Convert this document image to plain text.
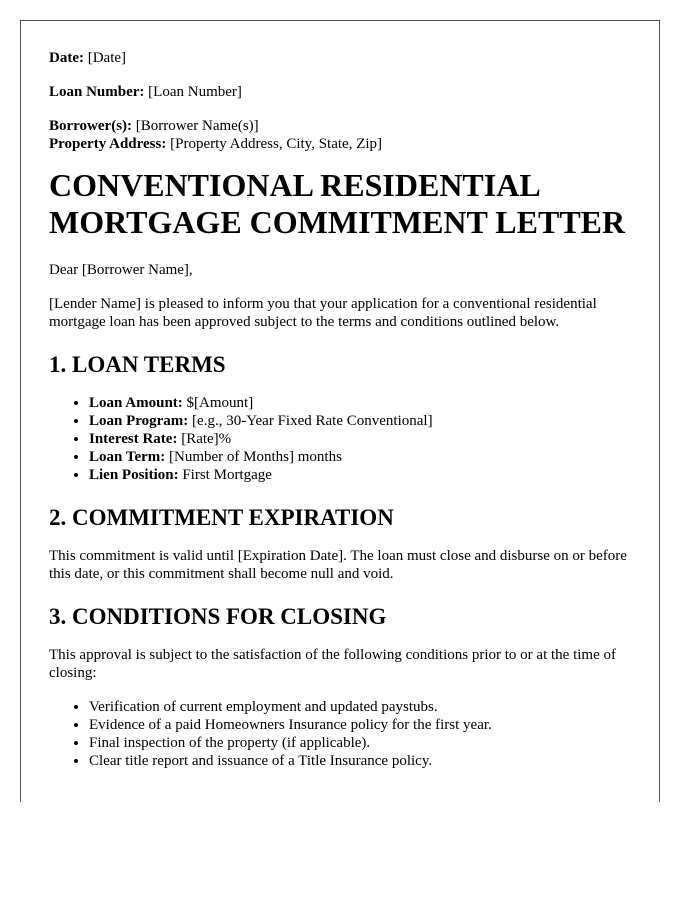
Date: [Date]

Loan Number: [Loan Number]

Borrower(s): [Borrower Name(s)]

Property Address: [Property Address, City, State, Zip]

CONVENTIONAL RESIDENTIAL MORTGAGE COMMITMENT LETTER

Dear [Borrower Name],

[Lender Name] is pleased to inform you that your application for a conventional residential mortgage loan has been approved subject to the terms and conditions outlined below.

1. LOAN TERMS
• Loan Amount: $[Amount]
• Loan Program: [e.g., 30-Year Fixed Rate Conventional]
• Interest Rate: [Rate]%
• Loan Term: [Number of Months] months
• Lien Position: First Mortgage
2. COMMITMENT EXPIRATION

This commitment is valid until [Expiration Date]. The loan must close and disburse on or before this date, or this commitment shall become null and void.

3. CONDITIONS FOR CLOSING

This approval is subject to the satisfaction of the following conditions prior to or at the time of closing:

• Verification of current employment and updated paystubs.
• Evidence of a paid Homeowners Insurance policy for the first year.
• Final inspection of the property (if applicable).
• Clear title report and issuance of a Title Insurance policy.
